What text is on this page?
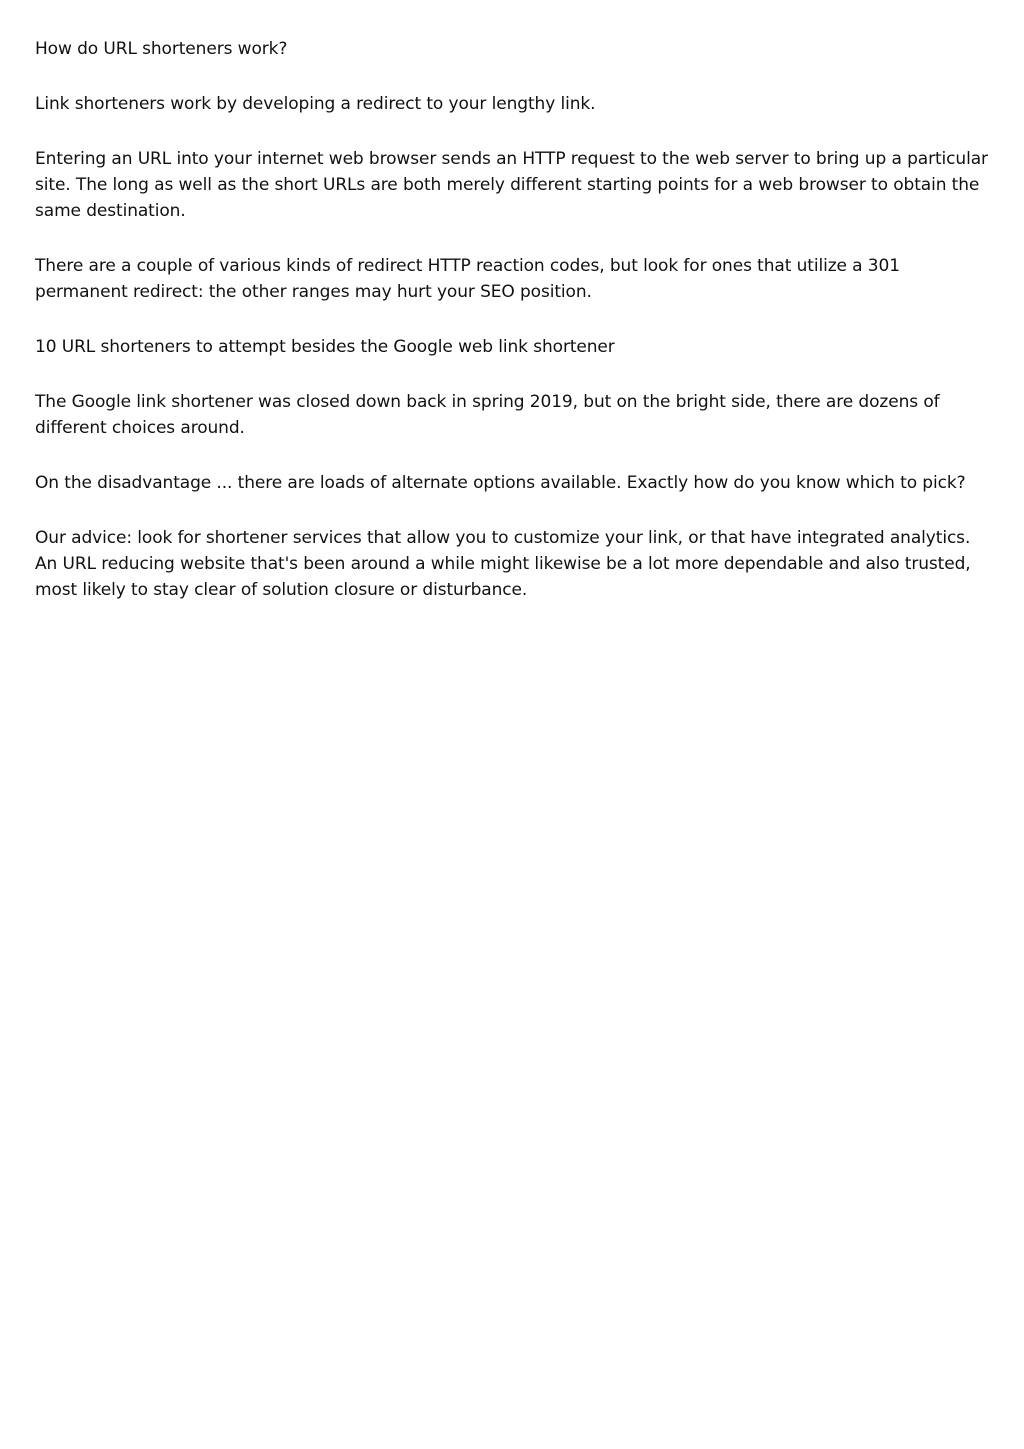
How do URL shorteners work?

Link shorteners work by developing a redirect to your lengthy link.

Entering an URL into your internet web browser sends an HTTP request to the web server to bring up a particular site. The long as well as the short URLs are both merely different starting points for a web browser to obtain the same destination.

There are a couple of various kinds of redirect HTTP reaction codes, but look for ones that utilize a 301 permanent redirect: the other ranges may hurt your SEO position.

10 URL shorteners to attempt besides the Google web link shortener

The Google link shortener was closed down back in spring 2019, but on the bright side, there are dozens of different choices around.

On the disadvantage ... there are loads of alternate options available. Exactly how do you know which to pick?

Our advice: look for shortener services that allow you to customize your link, or that have integrated analytics. An URL reducing website that's been around a while might likewise be a lot more dependable and also trusted, most likely to stay clear of solution closure or disturbance.
